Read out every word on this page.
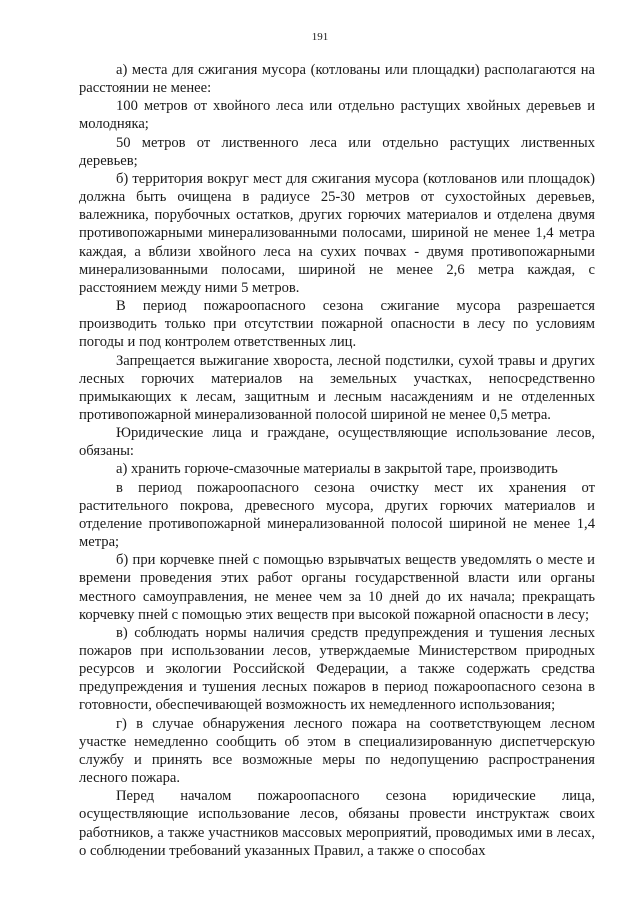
191

а) места для сжигания мусора (котлованы или площадки) располагаются на расстоянии не менее:

100 метров от хвойного леса или отдельно растущих хвойных деревьев и молодняка;

50 метров от лиственного леса или отдельно растущих лиственных деревьев;

б) территория вокруг мест для сжигания мусора (котлованов или площадок) должна быть очищена в радиусе 25-30 метров от сухостойных деревьев, валежника, порубочных остатков, других горючих материалов и отделена двумя противопожарными минерализованными полосами, шириной не менее 1,4 метра каждая, а вблизи хвойного леса на сухих почвах - двумя противопожарными минерализованными полосами, шириной не менее 2,6 метра каждая, с расстоянием между ними 5 метров.

В период пожароопасного сезона сжигание мусора разрешается производить только при отсутствии пожарной опасности в лесу по условиям погоды и под контролем ответственных лиц.

Запрещается выжигание хвороста, лесной подстилки, сухой травы и других лесных горючих материалов на земельных участках, непосредственно примыкающих к лесам, защитным и лесным насаждениям и не отделенных противопожарной минерализованной полосой шириной не менее 0,5 метра.

Юридические лица и граждане, осуществляющие использование лесов, обязаны:

а) хранить горюче-смазочные материалы в закрытой таре, производить

в период пожароопасного сезона очистку мест их хранения от растительного покрова, древесного мусора, других горючих материалов и отделение противопожарной минерализованной полосой шириной не менее 1,4 метра;

б) при корчевке пней с помощью взрывчатых веществ уведомлять о месте и времени проведения этих работ органы государственной власти или органы местного самоуправления, не менее чем за 10 дней до их начала; прекращать корчевку пней с помощью этих веществ при высокой пожарной опасности в лесу;

в) соблюдать нормы наличия средств предупреждения и тушения лесных пожаров при использовании лесов, утверждаемые Министерством природных ресурсов и экологии Российской Федерации, а также содержать средства предупреждения и тушения лесных пожаров в период пожароопасного сезона в готовности, обеспечивающей возможность их немедленного использования;

г) в случае обнаружения лесного пожара на соответствующем лесном участке немедленно сообщить об этом в специализированную диспетчерскую службу и принять все возможные меры по недопущению распространения лесного пожара.

Перед началом пожароопасного сезона юридические лица, осуществляющие использование лесов, обязаны провести инструктаж своих работников, а также участников массовых мероприятий, проводимых ими в лесах, о соблюдении требований указанных Правил, а также о способах
